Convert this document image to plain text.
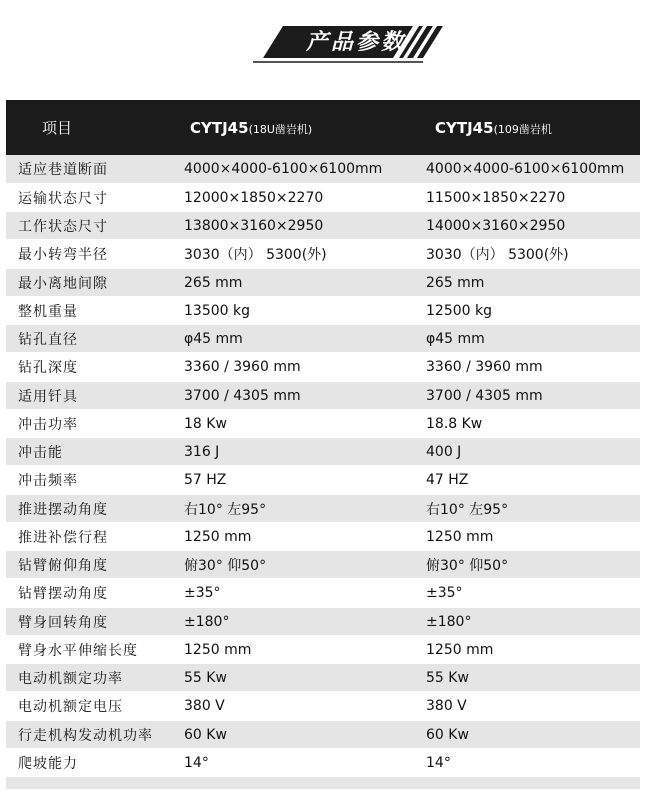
产品参数
项目	CYTJ45(18U凿岩机)	CYTJ45(109凿岩机
适应巷道断面	4000×4000-6100×6100mm	4000×4000-6100×6100mm
运输状态尺寸	12000×1850×2270	11500×1850×2270
工作状态尺寸	13800×3160×2950	14000×3160×2950
最小转弯半径	3030（内） 5300(外)	3030（内） 5300(外)
最小离地间隙	265 mm	265 mm
整机重量	13500 kg	12500 kg
钻孔直径	φ45 mm	φ45 mm
钻孔深度	3360 / 3960 mm	3360 / 3960 mm
适用钎具	3700 / 4305 mm	3700 / 4305 mm
冲击功率	18 Kw	18.8 Kw
冲击能	316 J	400 J
冲击频率	57 HZ	47 HZ
推进摆动角度	右10° 左95°	右10° 左95°
推进补偿行程	1250 mm	1250 mm
钻臂俯仰角度	俯30° 仰50°	俯30° 仰50°
钻臂摆动角度	±35°	±35°
臂身回转角度	±180°	±180°
臂身水平伸缩长度	1250 mm	1250 mm
电动机额定功率	55 Kw	55 Kw
电动机额定电压	380 V	380 V
行走机构发动机功率	60 Kw	60 Kw
爬坡能力	14°	14°
